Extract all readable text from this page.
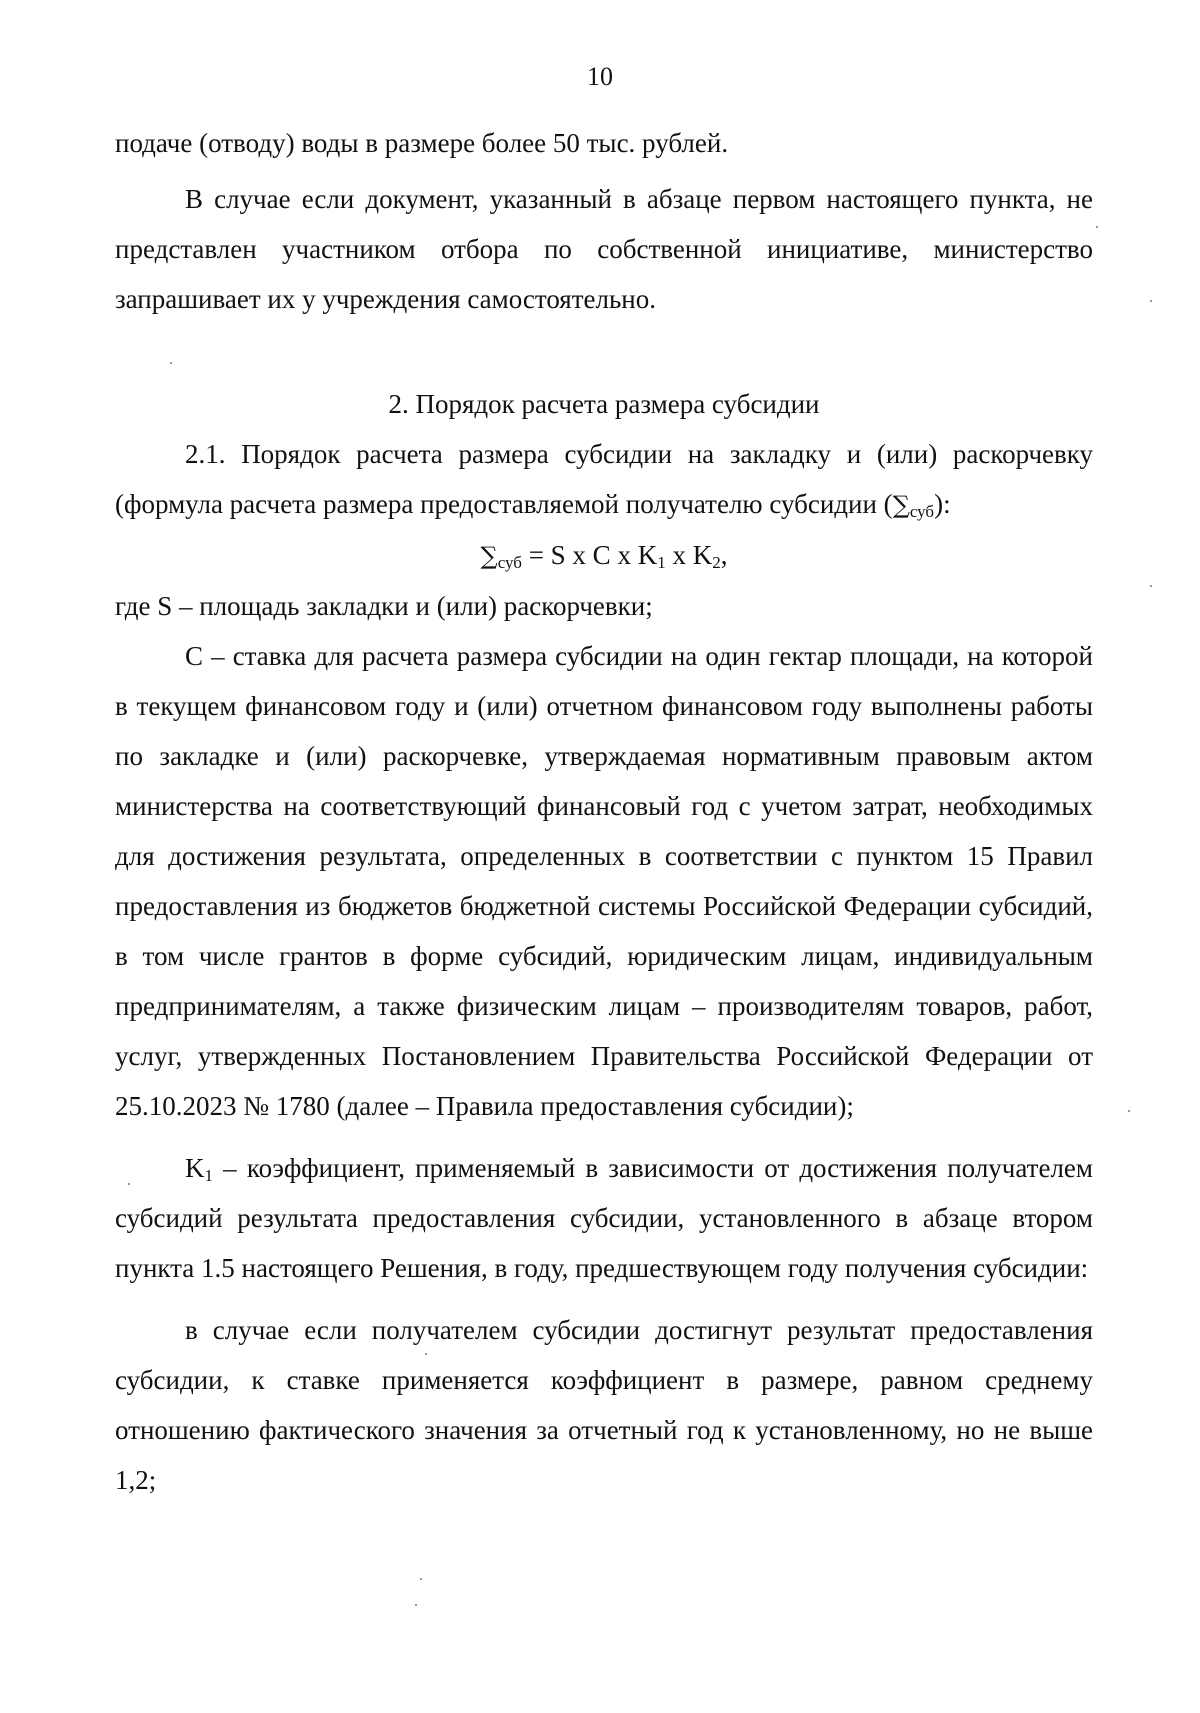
10

подаче (отводу) воды в размере более 50 тыс. рублей.

В случае если документ, указанный в абзаце первом настоящего пункта, не представлен участником отбора по собственной инициативе, министерство запрашивает их у учреждения самостоятельно.

2. Порядок расчета размера субсидии

2.1. Порядок расчета размера субсидии на закладку и (или) раскорчевку (формула расчета размера предоставляемой получателю субсидии $(\sum_{суб})$:

$\sum_{суб} = S$ x C x $K_1$ x $K_2$,

где S – площадь закладки и (или) раскорчевки;

С – ставка для расчета размера субсидии на один гектар площади, на которой в текущем финансовом году и (или) отчетном финансовом году выполнены работы по закладке и (или) раскорчевке, утверждаемая нормативным правовым актом министерства на соответствующий финансовый год с учетом затрат, необходимых для достижения результата, определенных в соответствии с пунктом 15 Правил предоставления из бюджетов бюджетной системы Российской Федерации субсидий, в том числе грантов в форме субсидий, юридическим лицам, индивидуальным предпринимателям, а также физическим лицам – производителям товаров, работ, услуг, утвержденных Постановлением Правительства Российской Федерации от 25.10.2023 № 1780 (далее – Правила предоставления субсидии);

$K_1$ – коэффициент, применяемый в зависимости от достижения получателем субсидий результата предоставления субсидии, установленного в абзаце втором пункта 1.5 настоящего Решения, в году, предшествующем году получения субсидии:

в случае если получателем субсидии достигнут результат предоставления субсидии, к ставке применяется коэффициент в размере, равном среднему отношению фактического значения за отчетный год к установленному, но не выше 1,2;
